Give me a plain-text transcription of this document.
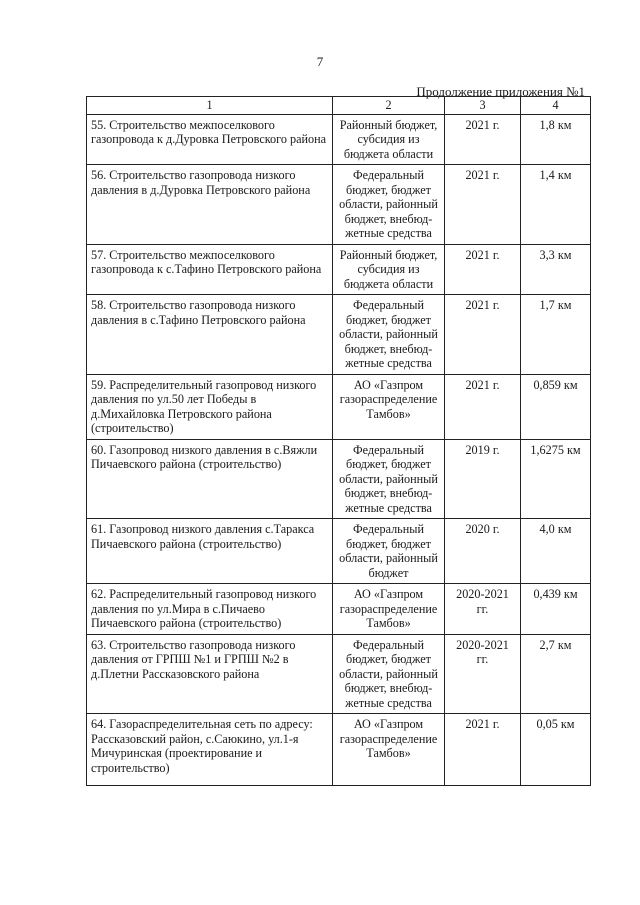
7
Продолжение приложения №1
1	2	3	4
55. Строительство межпоселкового газопровода к д.Дуровка Петровского района	Районный бюджет, субсидия из бюджета области	2021 г.	1,8 км
56. Строительство газопровода низкого давления в д.Дуровка Петровского района	Федеральный бюджет, бюджет области, районный бюджет, внебюд-жетные средства	2021 г.	1,4 км
57. Строительство межпоселкового газопровода к с.Тафино Петровского района	Районный бюджет, субсидия из бюджета области	2021 г.	3,3 км
58. Строительство газопровода низкого давления в с.Тафино Петровского района	Федеральный бюджет, бюджет области, районный бюджет, внебюд-жетные средства	2021 г.	1,7 км
59. Распределительный газопровод низкого давления по ул.50 лет Победы в д.Михайловка Петровского района (строительство)	АО «Газпром газораспределение Тамбов»	2021 г.	0,859 км
60. Газопровод низкого давления в с.Вяжли Пичаевского района (строительство)	Федеральный бюджет, бюджет области, районный бюджет, внебюд-жетные средства	2019 г.	1,6275 км
61. Газопровод низкого давления с.Таракса Пичаевского района (строительство)	Федеральный бюджет, бюджет области, районный бюджет	2020 г.	4,0 км
62. Распределительный газопровод низкого давления по ул.Мира в с.Пичаево Пичаевского района (строительство)	АО «Газпром газораспределение Тамбов»	2020-2021 гг.	0,439 км
63. Строительство газопровода низкого давления от ГРПШ №1 и ГРПШ №2 в д.Плетни Рассказовского района	Федеральный бюджет, бюджет области, районный бюджет, внебюд-жетные средства	2020-2021 гг.	2,7 км
64. Газораспределительная сеть по адресу: Рассказовский район, с.Саюкино, ул.1-я Мичуринская (проектирование и строительство)	АО «Газпром газораспределение Тамбов»	2021 г.	0,05 км
